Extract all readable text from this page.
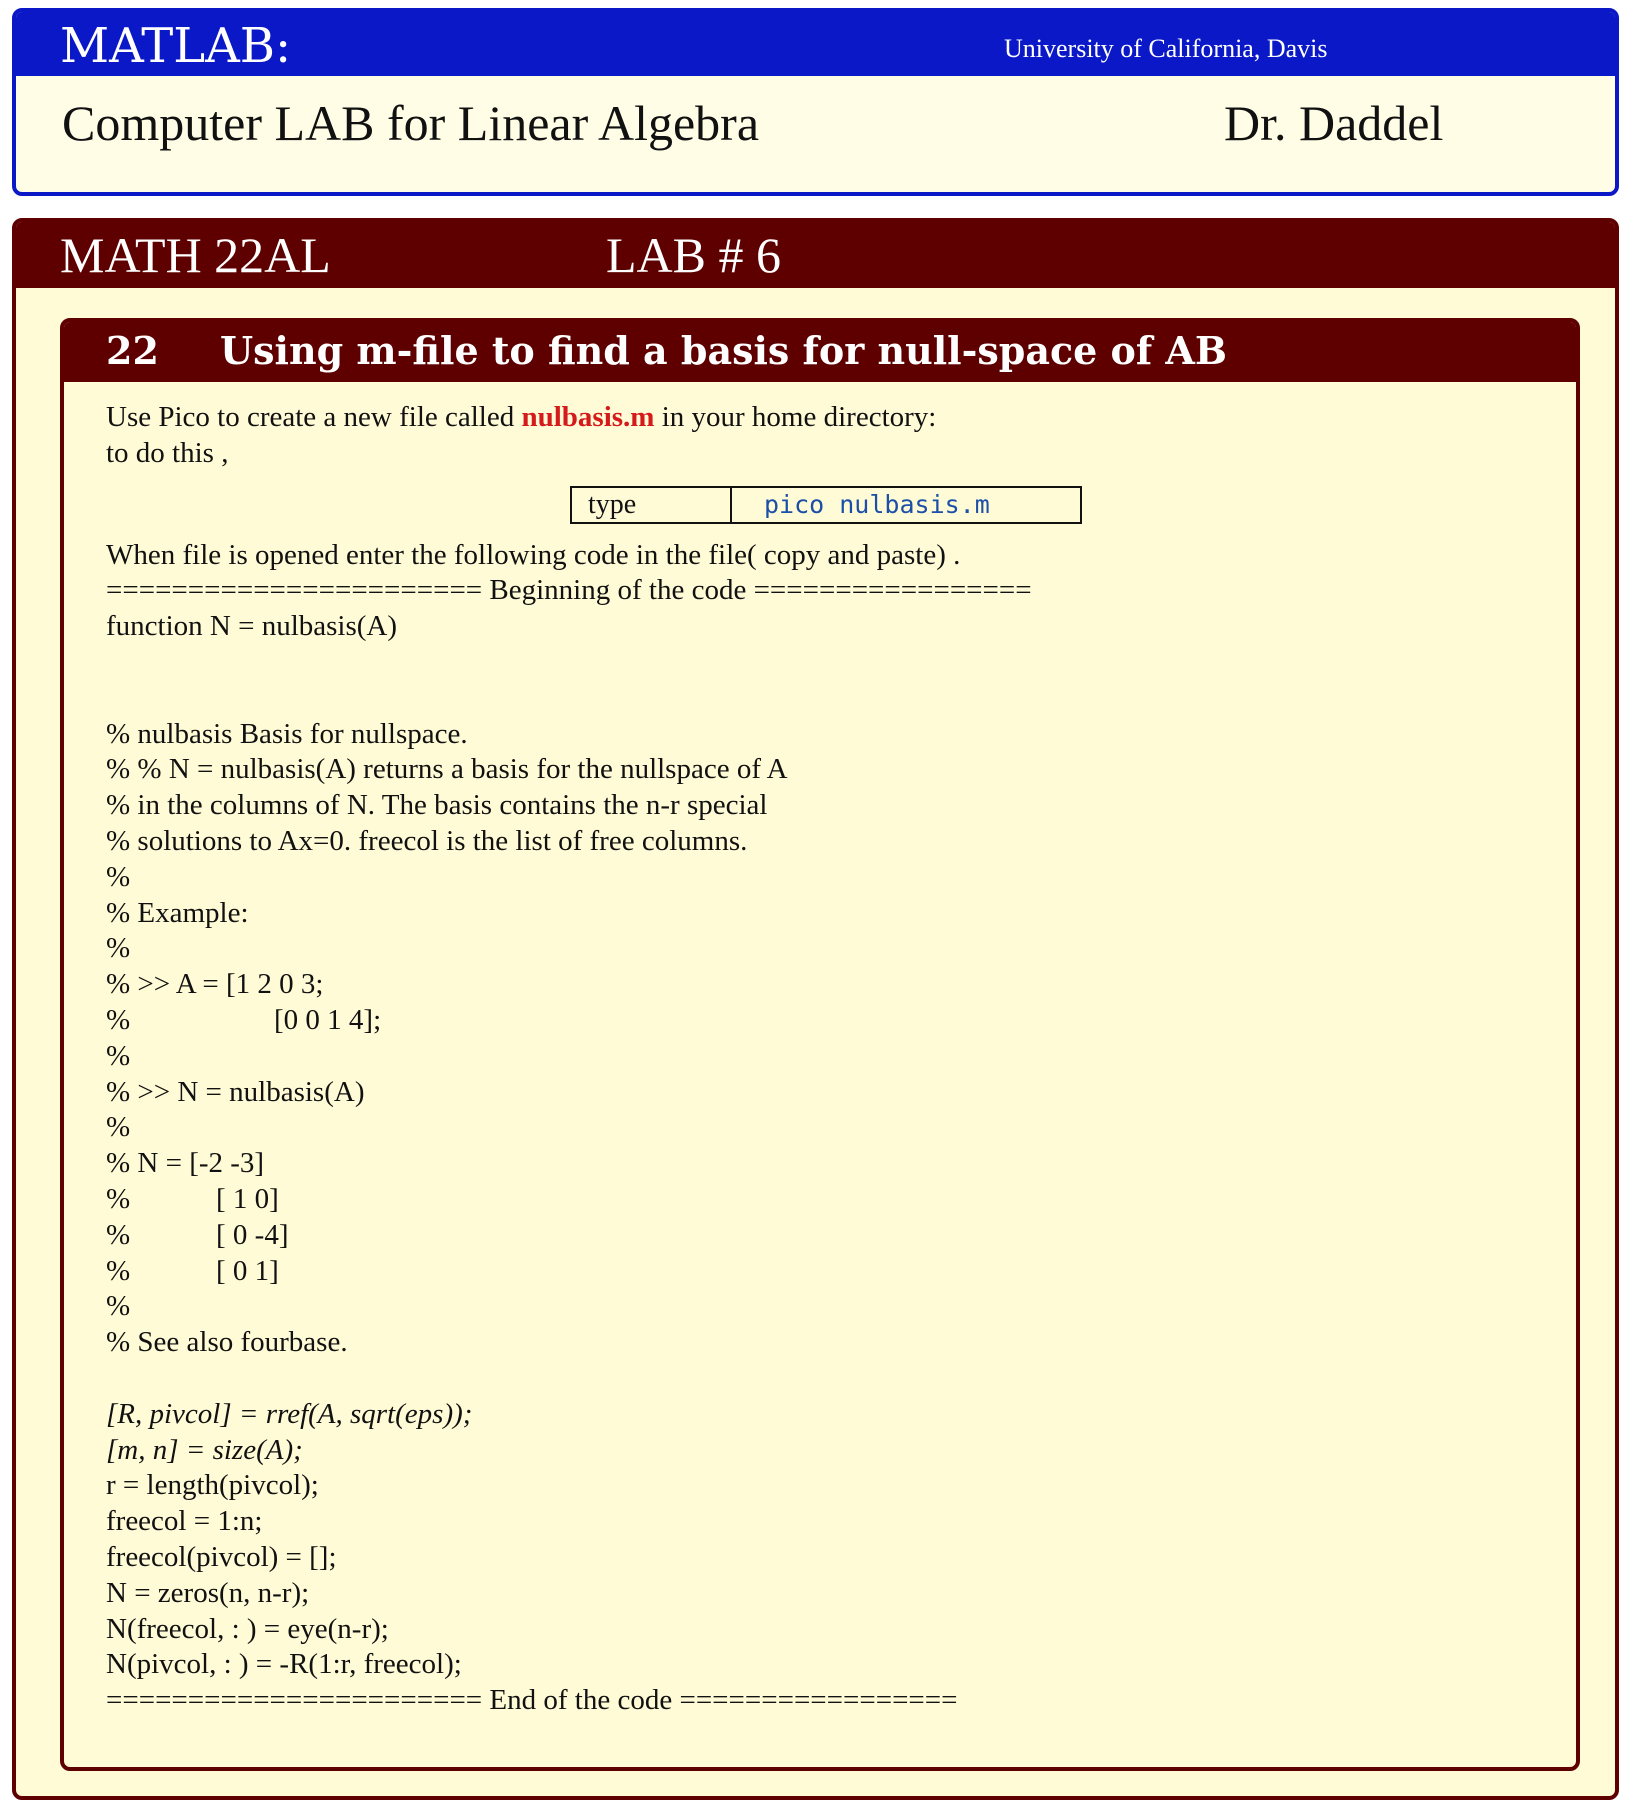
MATLAB:	University of California, Davis
Computer LAB for Linear Algebra	Dr. Daddel
MATH 22AL	LAB # 6
22 Using m-file to find a basis for null-space of AB
Use Pico to create a new file called nulbasis.m in your home directory:
to do this ,
type	pico nulbasis.m
When file is opened enter the following code in the file( copy and paste) .
======================= Beginning of the code =================
function N = nulbasis(A)
% nulbasis Basis for nullspace.
% % N = nulbasis(A) returns a basis for the nullspace of A
% in the columns of N. The basis contains the n-r special
% solutions to Ax=0. freecol is the list of free columns.
%
% Example:
%
% >> A = [1 2 0 3;
%	[0 0 1 4];
%
% >> N = nulbasis(A)
%
% N = [-2 -3]
%	[ 1 0]
%	[ 0 -4]
%	[ 0 1]
%
% See also fourbase.
[R, pivcol] = rref(A, sqrt(eps));
[m, n] = size(A);
r = length(pivcol);
freecol = 1:n;
freecol(pivcol) = [];
N = zeros(n, n-r);
N(freecol, : ) = eye(n-r);
N(pivcol, : ) = -R(1:r, freecol);
======================= End of the code =================
